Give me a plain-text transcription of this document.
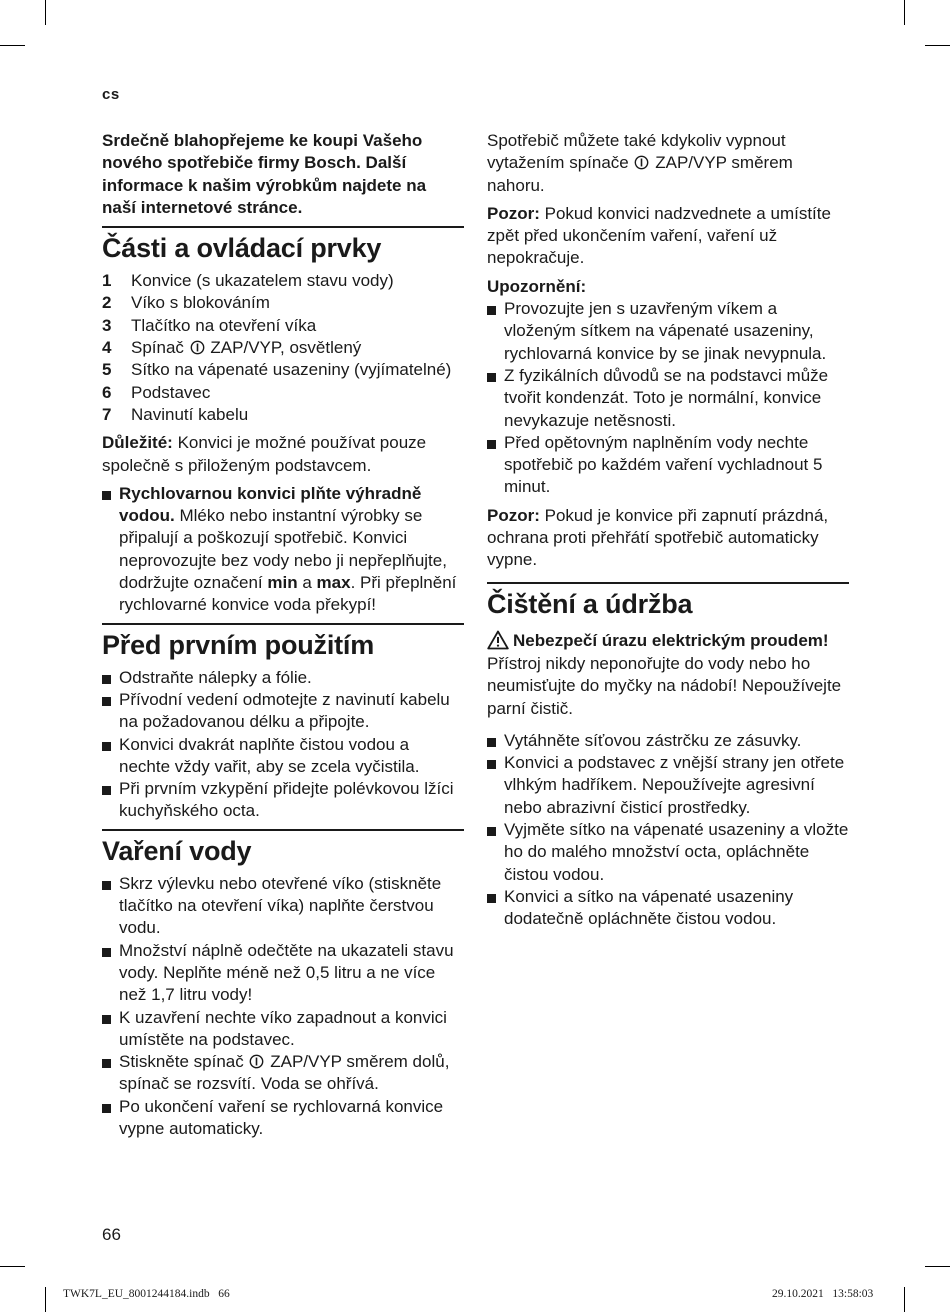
cs

Srdečně blahopřejeme ke koupi Vašeho nového spotřebiče firmy Bosch. Další informace k našim výrobkům najdete na naší internetové stránce.

Části a ovládací prvky
1	Konvice (s ukazatelem stavu vody)
2	Víko s blokováním
3	Tlačítko na otevření víka
4	Spínač ZAP/VYP, osvětlený
5	Sítko na vápenaté usazeniny (vyjímatelné)
6	Podstavec
7	Navinutí kabelu

Důležité: Konvici je možné používat pouze společně s přiloženým podstavcem.

Rychlovarnou konvici plňte výhradně vodou. Mléko nebo instantní výrobky se připalují a poškozují spotřebič. Konvici neprovozujte bez vody nebo ji nepřeplňujte, dodržujte označení min a max. Při přeplnění rychlovarné konvice voda překypí!
Před prvním použitím
Odstraňte nálepky a fólie.
Přívodní vedení odmotejte z navinutí kabelu na požadovanou délku a připojte.
Konvici dvakrát naplňte čistou vodou a nechte vždy vařit, aby se zcela vyčistila.
Při prvním vzkypění přidejte polévkovou lžíci kuchyňského octa.
Vaření vody
Skrz výlevku nebo otevřené víko (stiskněte tlačítko na otevření víka) naplňte čerstvou vodu.
Množství náplně odečtěte na ukazateli stavu vody. Neplňte méně než 0,5 litru a ne více než 1,7 litru vody!
K uzavření nechte víko zapadnout a konvici umístěte na podstavec.
Stiskněte spínač ZAP/VYP směrem dolů, spínač se rozsvítí. Voda se ohřívá.
Po ukončení vaření se rychlovarná konvice vypne automaticky.

Spotřebič můžete také kdykoliv vypnout vytažením spínače ZAP/VYP směrem nahoru.

Pozor: Pokud konvici nadzvednete a umístíte zpět před ukončením vaření, vaření už nepokračuje.

Upozornění:

Provozujte jen s uzavřeným víkem a vloženým sítkem na vápenaté usazeniny, rychlovarná konvice by se jinak nevypnula.
Z fyzikálních důvodů se na podstavci může tvořit kondenzát. Toto je normální, konvice nevykazuje netěsnosti.
Před opětovným naplněním vody nechte spotřebič po každém vaření vychladnout 5 minut.

Pozor: Pokud je konvice při zapnutí prázdná, ochrana proti přehřátí spotřebič automaticky vypne.

Čištění a údržba
Nebezpečí úrazu elektrickým proudem!

Přístroj nikdy neponořujte do vody nebo ho neumisťujte do myčky na nádobí! Nepoužívejte parní čistič.

Vytáhněte síťovou zástrčku ze zásuvky.
Konvici a podstavec z vnější strany jen otřete vlhkým hadříkem. Nepoužívejte agresivní nebo abrazivní čisticí prostředky.
Vyjměte sítko na vápenaté usazeniny a vložte ho do malého množství octa, opláchněte čistou vodou.
Konvici a sítko na vápenaté usazeniny dodatečně opláchněte čistou vodou.
66
TWK7L_EU_8001244184.indb   66	29.10.2021   13:58:03
